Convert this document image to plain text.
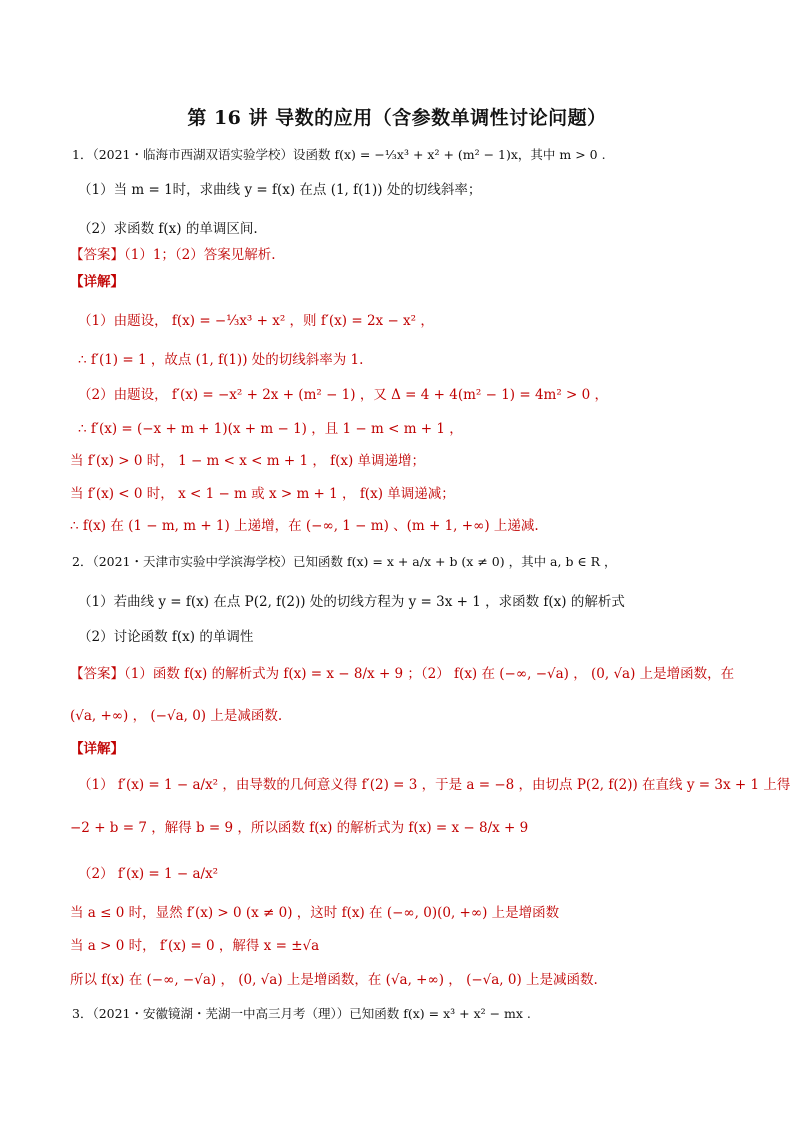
第 16 讲 导数的应用（含参数单调性讨论问题）
1．（2021・临海市西湖双语实验学校）设函数 f(x) = −⅓x³ + x² + (m² − 1)x，其中 m > 0 .
（1）当 m = 1时，求曲线 y = f(x) 在点 (1, f(1)) 处的切线斜率；
（2）求函数 f(x) 的单调区间.
【答案】（1）1；（2）答案见解析.
【详解】
（1）由题设， f(x) = −⅓x³ + x² ，则 f′(x) = 2x − x² ，
∴ f′(1) = 1 ，故点 (1, f(1)) 处的切线斜率为 1.
（2）由题设， f′(x) = −x² + 2x + (m² − 1) ，又 Δ = 4 + 4(m² − 1) = 4m² > 0 ，
∴ f′(x) = (−x + m + 1)(x + m − 1) ，且 1 − m < m + 1 ，
当 f′(x) > 0 时， 1 − m < x < m + 1 ， f(x) 单调递增；
当 f′(x) < 0 时， x < 1 − m 或 x > m + 1 ， f(x) 单调递减；
∴ f(x) 在 (1 − m, m + 1) 上递增，在 (−∞, 1 − m) 、(m + 1, +∞) 上递减.
2．（2021・天津市实验中学滨海学校）已知函数 f(x) = x + a/x + b (x ≠ 0) ，其中 a, b ∈ R ，
（1）若曲线 y = f(x) 在点 P(2, f(2)) 处的切线方程为 y = 3x + 1 ，求函数 f(x) 的解析式
（2）讨论函数 f(x) 的单调性
【答案】（1）函数 f(x) 的解析式为 f(x) = x − 8/x + 9 ；（2） f(x) 在 (−∞, −√a) ， (0, √a) 上是增函数，在
(√a, +∞) ， (−√a, 0) 上是减函数.
【详解】
（1） f′(x) = 1 − a/x² ，由导数的几何意义得 f′(2) = 3 ，于是 a = −8 ，由切点 P(2, f(2)) 在直线 y = 3x + 1 上得
−2 + b = 7 ，解得 b = 9 ，所以函数 f(x) 的解析式为 f(x) = x − 8/x + 9
（2） f′(x) = 1 − a/x²
当 a ≤ 0 时，显然 f′(x) > 0 (x ≠ 0) ，这时 f(x) 在 (−∞, 0)(0, +∞) 上是增函数
当 a > 0 时， f′(x) = 0 ，解得 x = ±√a
所以 f(x) 在 (−∞, −√a) ， (0, √a) 上是增函数，在 (√a, +∞) ， (−√a, 0) 上是减函数.
3．（2021・安徽镜湖・芜湖一中高三月考（理））已知函数 f(x) = x³ + x² − mx .
